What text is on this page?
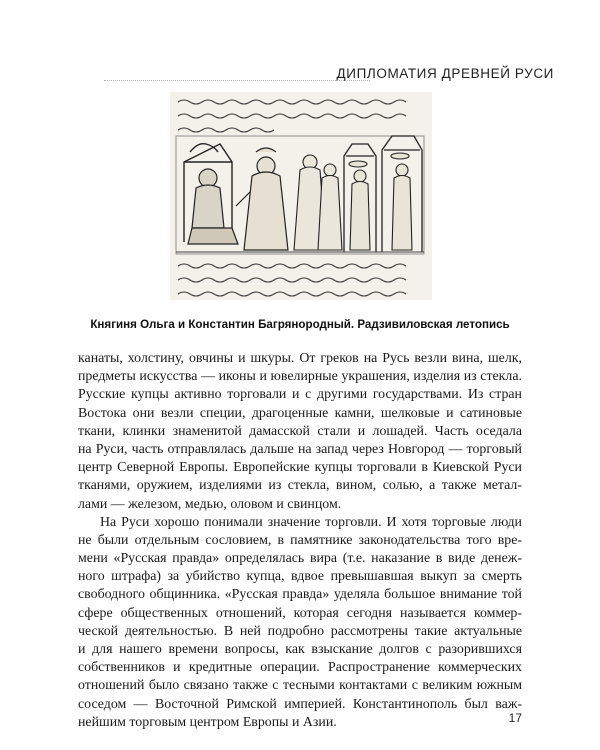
ДИПЛОМАТИЯ ДРЕВНЕЙ РУСИ
Княгиня Ольга и Константин Багрянородный. Радзивиловская летопись
канаты, холстину, овчины и шкуры. От греков на Русь везли вина, шелк,
предметы искусства — иконы и ювелирные украшения, изделия из стекла.
Русские купцы активно торговали и с другими государствами. Из стран
Востока они везли специи, драгоценные камни, шелковые и сатиновые
ткани, клинки знаменитой дамасской стали и лошадей. Часть оседала
на Руси, часть отправлялась дальше на запад через Новгород — торговый
центр Северной Европы. Европейские купцы торговали в Киевской Руси
тканями, оружием, изделиями из стекла, вином, солью, а также метал-
лами — железом, медью, оловом и свинцом.
На Руси хорошо понимали значение торговли. И хотя торговые люди
не были отдельным сословием, в памятнике законодательства того вре-
мени «Русская правда» определялась вира (т.е. наказание в виде денеж-
ного штрафа) за убийство купца, вдвое превышавшая выкуп за смерть
свободного общинника. «Русская правда» уделяла большое внимание той
сфере общественных отношений, которая сегодня называется коммер-
ческой деятельностью. В ней подробно рассмотрены такие актуальные
и для нашего времени вопросы, как взыскание долгов с разорившихся
собственников и кредитные операции. Распространение коммерческих
отношений было связано также с тесными контактами с великим южным
соседом — Восточной Римской империей. Константинополь был важ-
нейшим торговым центром Европы и Азии.	17
